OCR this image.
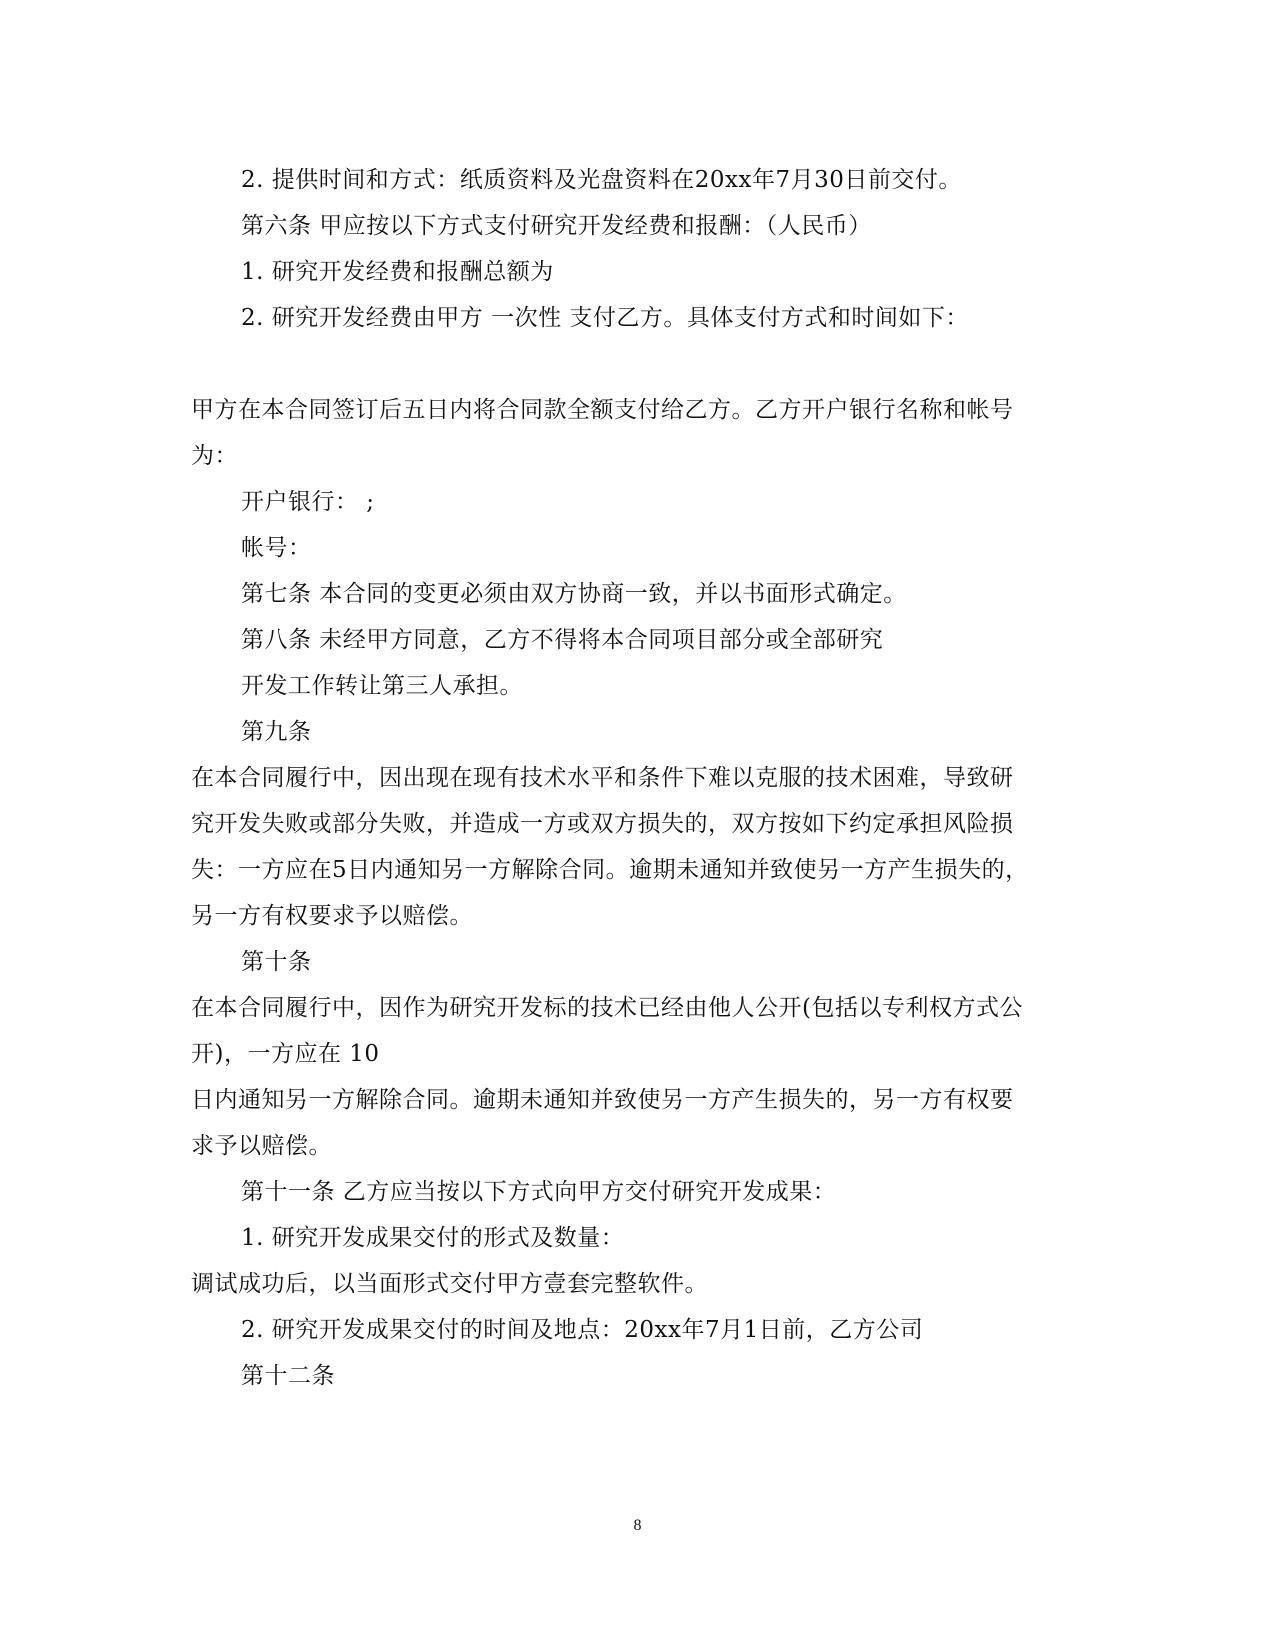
2. 提供时间和方式：纸质资料及光盘资料在20xx年7月30日前交付。
第六条 甲应按以下方式支付研究开发经费和报酬：（人民币）
1. 研究开发经费和报酬总额为
2. 研究开发经费由甲方 一次性 支付乙方。具体支付方式和时间如下：
甲方在本合同签订后五日内将合同款全额支付给乙方。乙方开户银行名称和帐号
为：
开户银行： ;
帐号：
第七条 本合同的变更必须由双方协商一致，并以书面形式确定。
第八条 未经甲方同意，乙方不得将本合同项目部分或全部研究
开发工作转让第三人承担。
第九条
在本合同履行中，因出现在现有技术水平和条件下难以克服的技术困难，导致研
究开发失败或部分失败，并造成一方或双方损失的，双方按如下约定承担风险损
失：一方应在5日内通知另一方解除合同。逾期未通知并致使另一方产生损失的，
另一方有权要求予以赔偿。
第十条
在本合同履行中，因作为研究开发标的技术已经由他人公开(包括以专利权方式公
开)，一方应在 10
日内通知另一方解除合同。逾期未通知并致使另一方产生损失的，另一方有权要
求予以赔偿。
第十一条 乙方应当按以下方式向甲方交付研究开发成果：
1. 研究开发成果交付的形式及数量：
调试成功后，以当面形式交付甲方壹套完整软件。
2. 研究开发成果交付的时间及地点：20xx年7月1日前，乙方公司
第十二条
8
